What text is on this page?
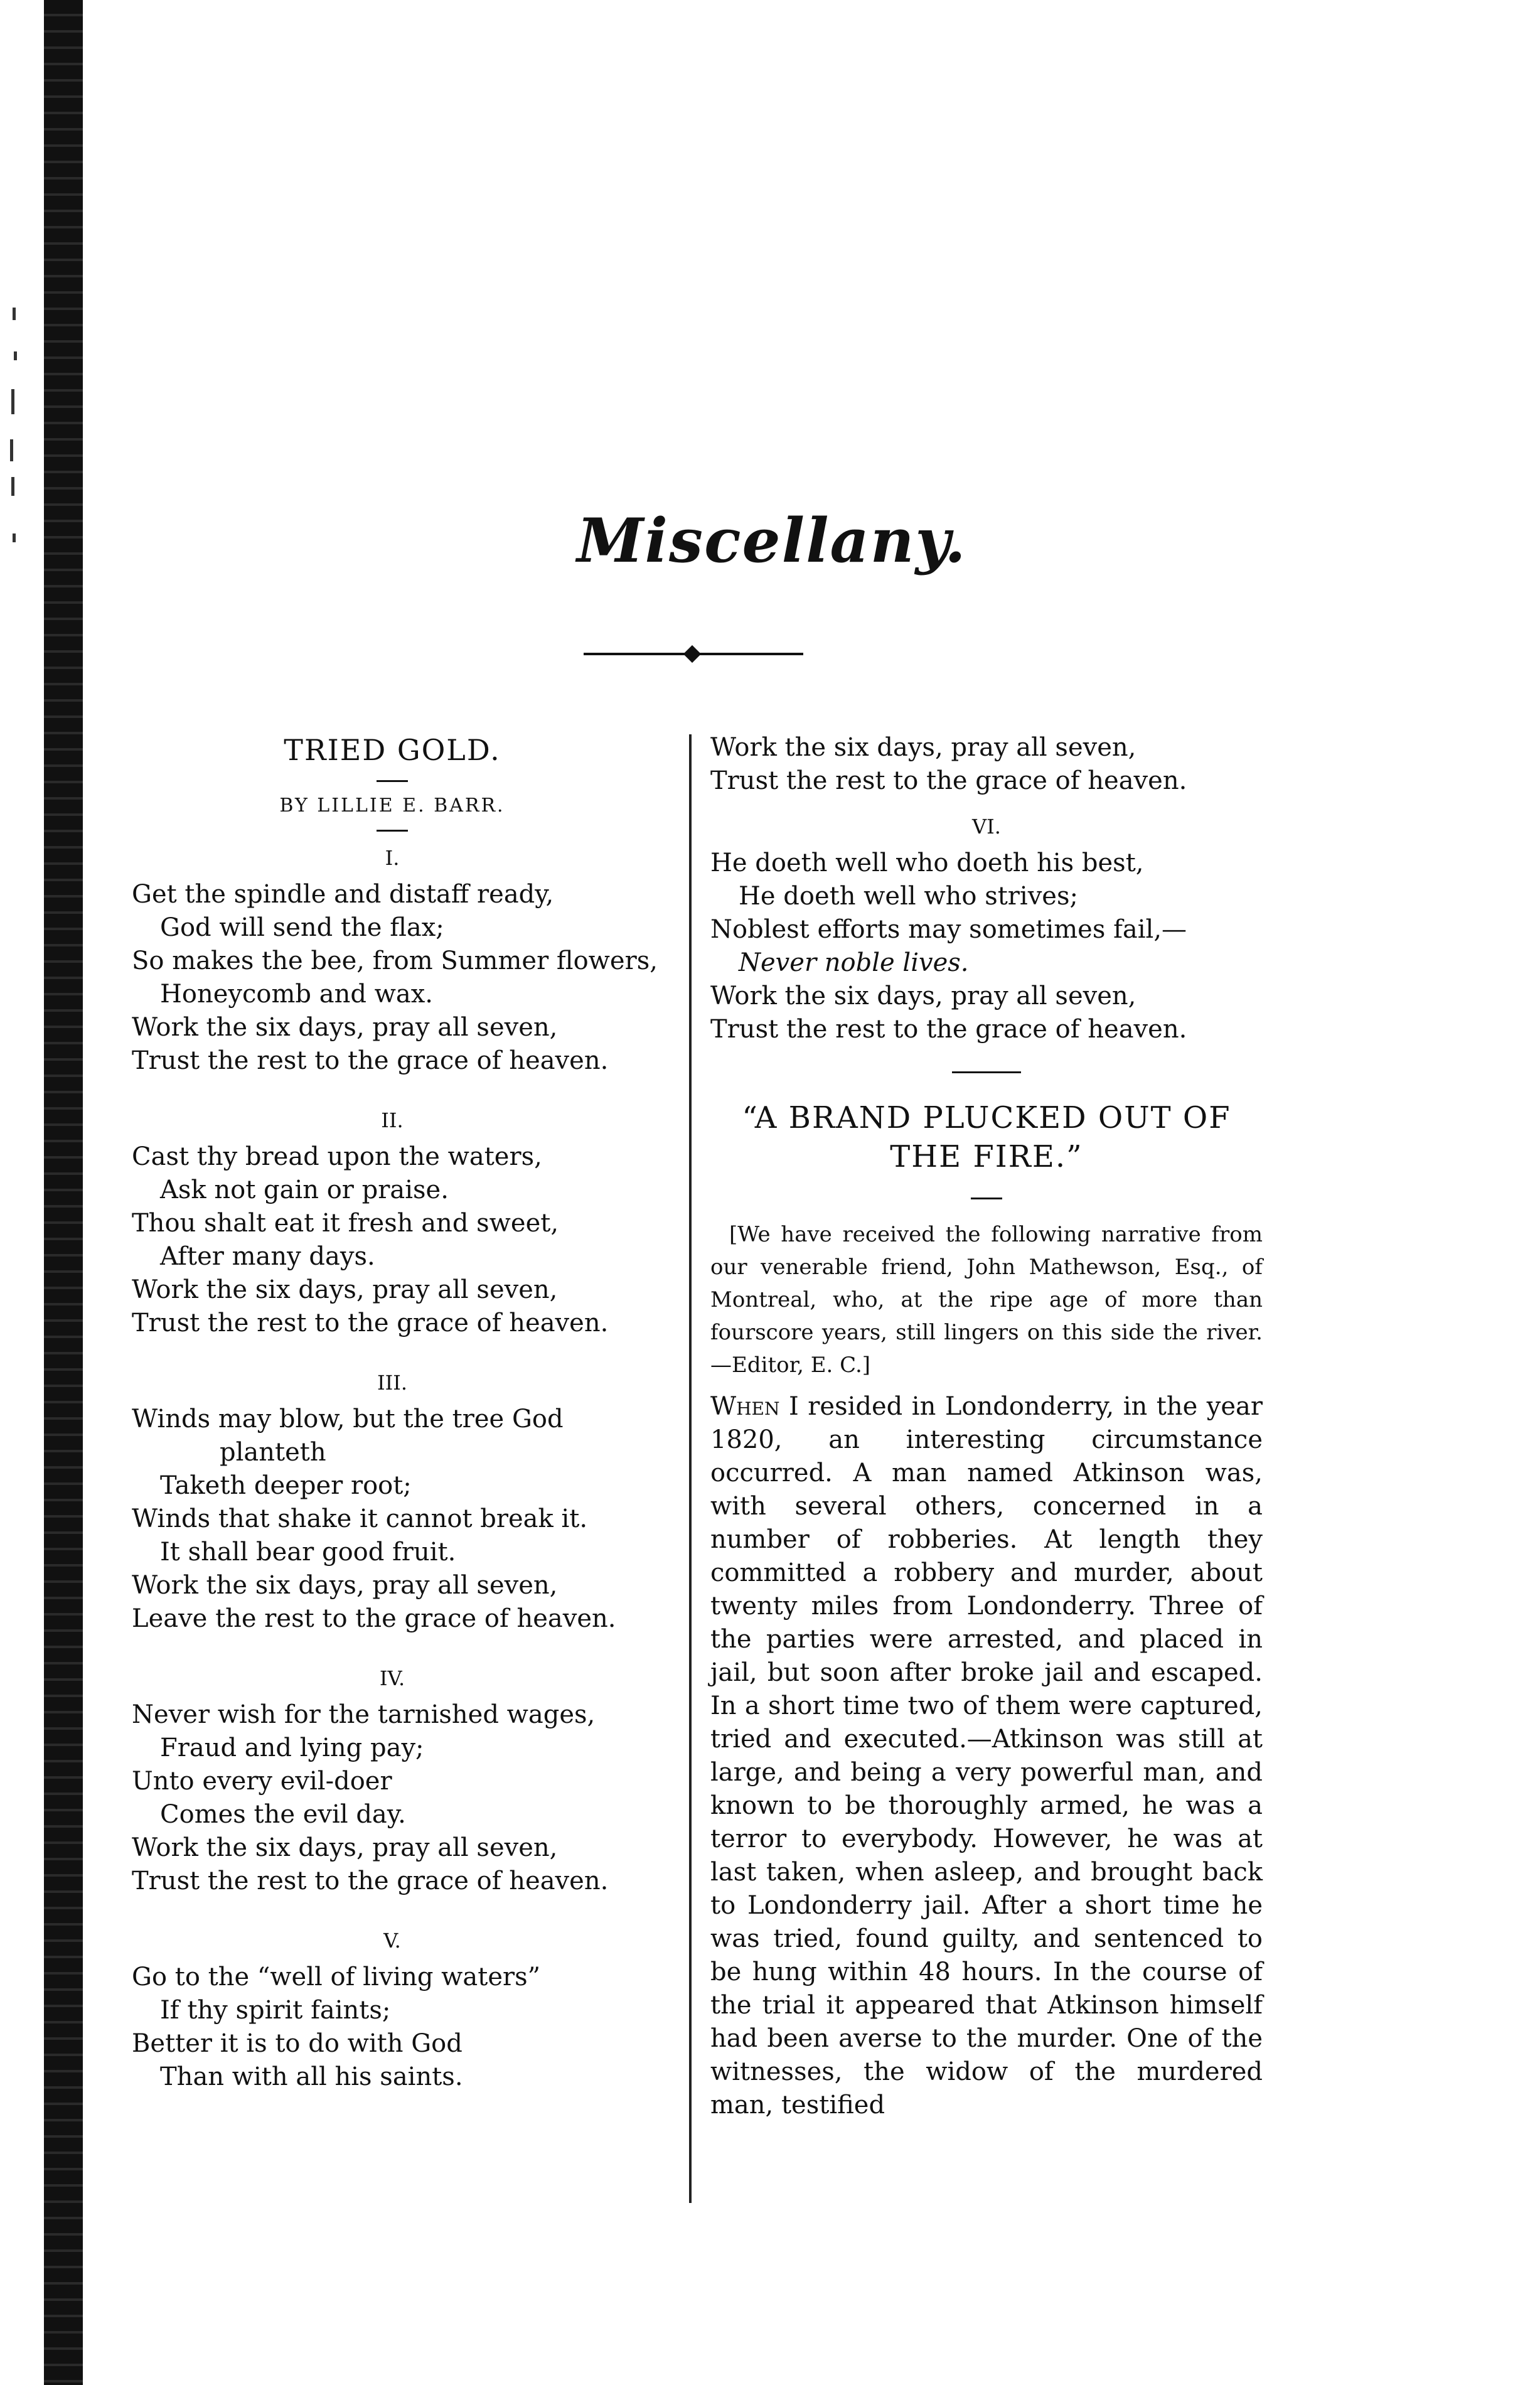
Miscellany.
TRIED GOLD.
BY LILLIE E. BARR.
I.
Get the spindle and distaff ready,
God will send the flax;
So makes the bee, from Summer flowers,
Honeycomb and wax.
Work the six days, pray all seven,
Trust the rest to the grace of heaven.
II.
Cast thy bread upon the waters,
Ask not gain or praise.
Thou shalt eat it fresh and sweet,
After many days.
Work the six days, pray all seven,
Trust the rest to the grace of heaven.
III.
Winds may blow, but the tree God
planteth
Taketh deeper root;
Winds that shake it cannot break it.
It shall bear good fruit.
Work the six days, pray all seven,
Leave the rest to the grace of heaven.
IV.
Never wish for the tarnished wages,
Fraud and lying pay;
Unto every evil-doer
Comes the evil day.
Work the six days, pray all seven,
Trust the rest to the grace of heaven.
V.
Go to the “well of living waters”
If thy spirit faints;
Better it is to do with God
Than with all his saints.
Work the six days, pray all seven,
Trust the rest to the grace of heaven.
VI.
He doeth well who doeth his best,
He doeth well who strives;
Noblest efforts may sometimes fail,—
Never noble lives.
Work the six days, pray all seven,
Trust the rest to the grace of heaven.
“A BRAND PLUCKED OUT OF
THE FIRE.”

[We have received the following narrative from our venerable friend, John Mathewson, Esq., of Montreal, who, at the ripe age of more than fourscore years, still lingers on this side the river.—Editor, E. C.]

When I resided in Londonderry, in the year 1820, an interesting circumstance occurred. A man named Atkinson was, with several others, concerned in a number of robberies. At length they committed a robbery and murder, about twenty miles from Londonderry. Three of the parties were arrested, and placed in jail, but soon after broke jail and escaped. In a short time two of them were captured, tried and executed.—Atkinson was still at large, and being a very powerful man, and known to be thoroughly armed, he was a terror to everybody. However, he was at last taken, when asleep, and brought back to Londonderry jail. After a short time he was tried, found guilty, and sentenced to be hung within 48 hours. In the course of the trial it appeared that Atkinson himself had been averse to the murder. One of the witnesses, the widow of the murdered man, testified
